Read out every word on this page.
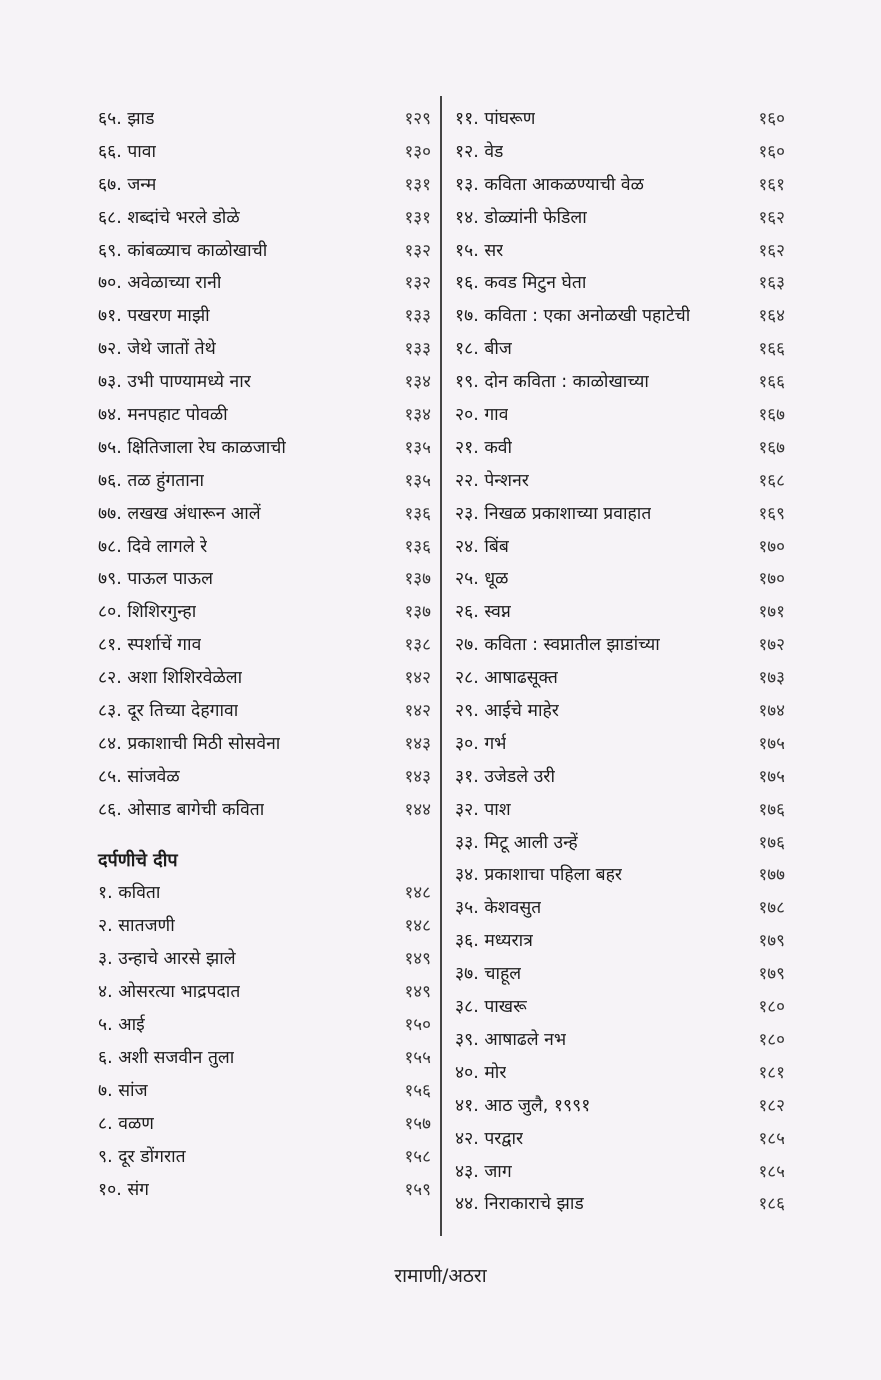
६५. झाड	१२९
६६. पावा	१३०
६७. जन्म	१३१
६८. शब्दांचे भरले डोळे	१३१
६९. कांबळ्याच काळोखाची	१३२
७०. अवेळाच्या रानी	१३२
७१. पखरण माझी	१३३
७२. जेथे जातों तेथे	१३३
७३. उभी पाण्यामध्ये नार	१३४
७४. मनपहाट पोवळी	१३४
७५. क्षितिजाला रेघ काळजाची	१३५
७६. तळ हुंगताना	१३५
७७. लखख अंधारून आलें	१३६
७८. दिवे लागले रे	१३६
७९. पाऊल पाऊल	१३७
८०. शिशिरगुन्हा	१३७
८१. स्पर्शाचें गाव	१३८
८२. अशा शिशिरवेळेला	१४२
८३. दूर तिच्या देहगावा	१४२
८४. प्रकाशाची मिठी सोसवेना	१४३
८५. सांजवेळ	१४३
८६. ओसाड बागेची कविता	१४४
दर्पणीचे दीप
१. कविता	१४८
२. सातजणी	१४८
३. उन्हाचे आरसे झाले	१४९
४. ओसरत्या भाद्रपदात	१४९
५. आई	१५०
६. अशी सजवीन तुला	१५५
७. सांज	१५६
८. वळण	१५७
९. दूर डोंगरात	१५८
१०. संग	१५९
११. पांघरूण	१६०
१२. वेड	१६०
१३. कविता आकळण्याची वेळ	१६१
१४. डोळ्यांनी फेडिला	१६२
१५. सर	१६२
१६. कवड मिटुन घेता	१६३
१७. कविता : एका अनोळखी पहाटेची	१६४
१८. बीज	१६६
१९. दोन कविता : काळोखाच्या	१६६
२०. गाव	१६७
२१. कवी	१६७
२२. पेन्शनर	१६८
२३. निखळ प्रकाशाच्या प्रवाहात	१६९
२४. बिंब	१७०
२५. धूळ	१७०
२६. स्वप्न	१७१
२७. कविता : स्वप्नातील झाडांच्या	१७२
२८. आषाढसूक्त	१७३
२९. आईचे माहेर	१७४
३०. गर्भ	१७५
३१. उजेडले उरी	१७५
३२. पाश	१७६
३३. मिटू आली उन्हें	१७६
३४. प्रकाशाचा पहिला बहर	१७७
३५. केशवसुत	१७८
३६. मध्यरात्र	१७९
३७. चाहूल	१७९
३८. पाखरू	१८०
३९. आषाढले नभ	१८०
४०. मोर	१८१
४१. आठ जुलै, १९९१	१८२
४२. परद्वार	१८५
४३. जाग	१८५
४४. निराकाराचे झाड	१८६
रामाणी/अठरा
